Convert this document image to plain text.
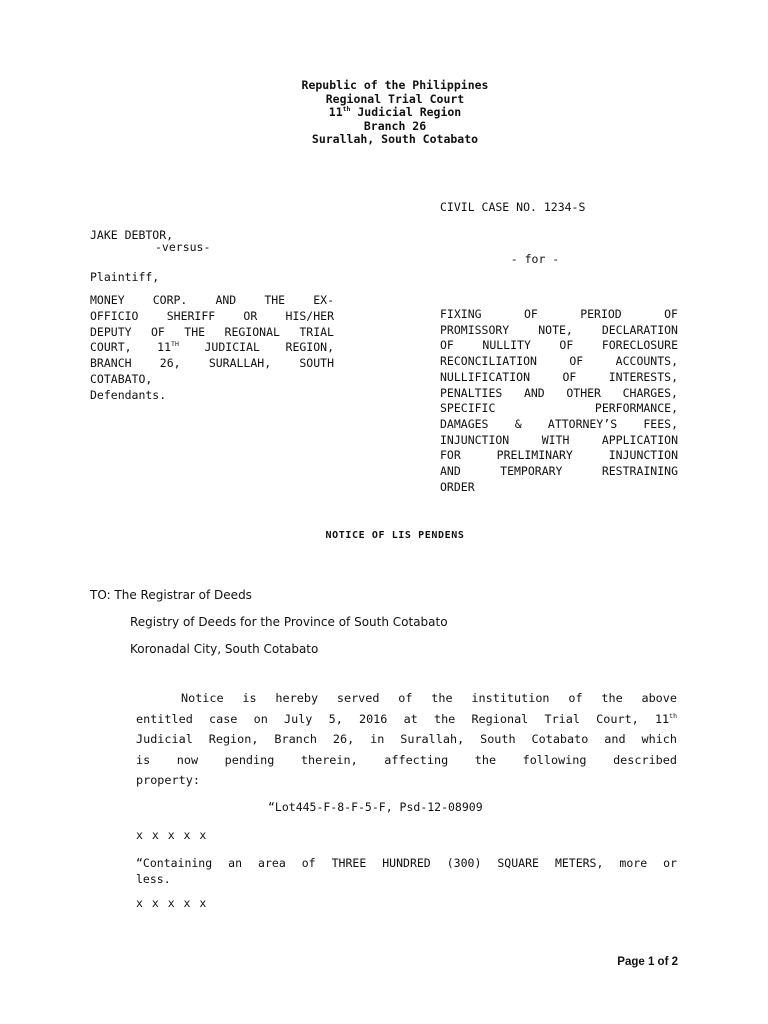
Republic of the Philippines
Regional Trial Court
11th Judicial Region
Branch 26
Surallah, South Cotabato

JAKE DEBTOR,

Plaintiff,

-versus-
MONEY CORP. AND THE EX-
OFFICIO SHERIFF OR HIS/HER
DEPUTY OF THE REGIONAL TRIAL
COURT, 11TH JUDICIAL REGION,
BRANCH 26, SURALLAH, SOUTH
COTABATO,
Defendants.
CIVIL CASE NO. 1234-S
- for -
FIXING OF PERIOD OF
PROMISSORY NOTE, DECLARATION
OF NULLITY OF FORECLOSURE
RECONCILIATION OF ACCOUNTS,
NULLIFICATION OF INTERESTS,
PENALTIES AND OTHER CHARGES,
SPECIFIC PERFORMANCE,
DAMAGES & ATTORNEY’S FEES,
INJUNCTION WITH APPLICATION
FOR PRELIMINARY INJUNCTION
AND TEMPORARY RESTRAINING
ORDER
NOTICE OF LIS PENDENS
TO: The Registrar of Deeds
Registry of Deeds for the Province of South Cotabato
Koronadal City, South Cotabato
Notice is hereby served of the institution of the above
entitled case on July 5, 2016 at the Regional Trial Court, 11th
Judicial Region, Branch 26, in Surallah, South Cotabato and which
is now pending therein, affecting the following described
property:
“Lot445-F-8-F-5-F, Psd-12-08909
x x x x x
“Containing an area of THREE HUNDRED (300) SQUARE METERS, more or
less.
x x x x x
Page 1 of 2
